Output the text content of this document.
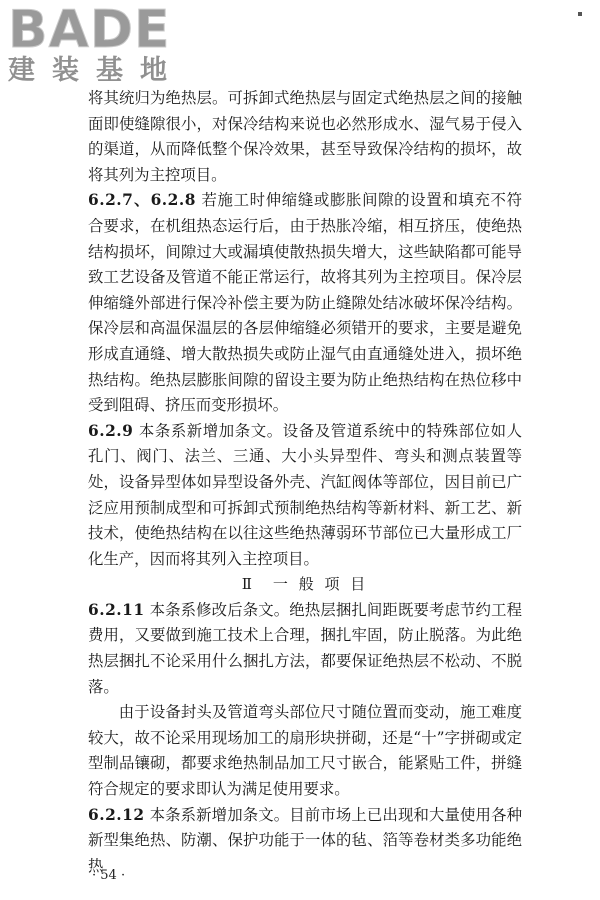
BADE
建装基地

将其统归为绝热层。可拆卸式绝热层与固定式绝热层之间的接触面即使缝隙很小，对保冷结构来说也必然形成水、湿气易于侵入的渠道，从而降低整个保冷效果，甚至导致保冷结构的损坏，故将其列为主控项目。

6.2.7、6.2.8 若施工时伸缩缝或膨胀间隙的设置和填充不符合要求，在机组热态运行后，由于热胀冷缩，相互挤压，使绝热结构损坏，间隙过大或漏填使散热损失增大，这些缺陷都可能导致工艺设备及管道不能正常运行，故将其列为主控项目。保冷层伸缩缝外部进行保冷补偿主要为防止缝隙处结冰破坏保冷结构。保冷层和高温保温层的各层伸缩缝必须错开的要求，主要是避免形成直通缝、增大散热损失或防止湿气由直通缝处进入，损坏绝热结构。绝热层膨胀间隙的留设主要为防止绝热结构在热位移中受到阻碍、挤压而变形损坏。

6.2.9 本条系新增加条文。设备及管道系统中的特殊部位如人孔门、阀门、法兰、三通、大小头异型件、弯头和测点装置等处，设备异型体如异型设备外壳、汽缸阀体等部位，因目前已广泛应用预制成型和可拆卸式预制绝热结构等新材料、新工艺、新技术，使绝热结构在以往这些绝热薄弱环节部位已大量形成工厂化生产，因而将其列入主控项目。

Ⅱ　一 般 项 目

6.2.11 本条系修改后条文。绝热层捆扎间距既要考虑节约工程费用，又要做到施工技术上合理，捆扎牢固，防止脱落。为此绝热层捆扎不论采用什么捆扎方法，都要保证绝热层不松动、不脱落。

由于设备封头及管道弯头部位尺寸随位置而变动，施工难度较大，故不论采用现场加工的扇形块拼砌，还是“十”字拼砌或定型制品镶砌，都要求绝热制品加工尺寸嵌合，能紧贴工件，拼缝符合规定的要求即认为满足使用要求。

6.2.12 本条系新增加条文。目前市场上已出现和大量使用各种新型集绝热、防潮、保护功能于一体的毡、箔等卷材类多功能绝热

· 54 ·
